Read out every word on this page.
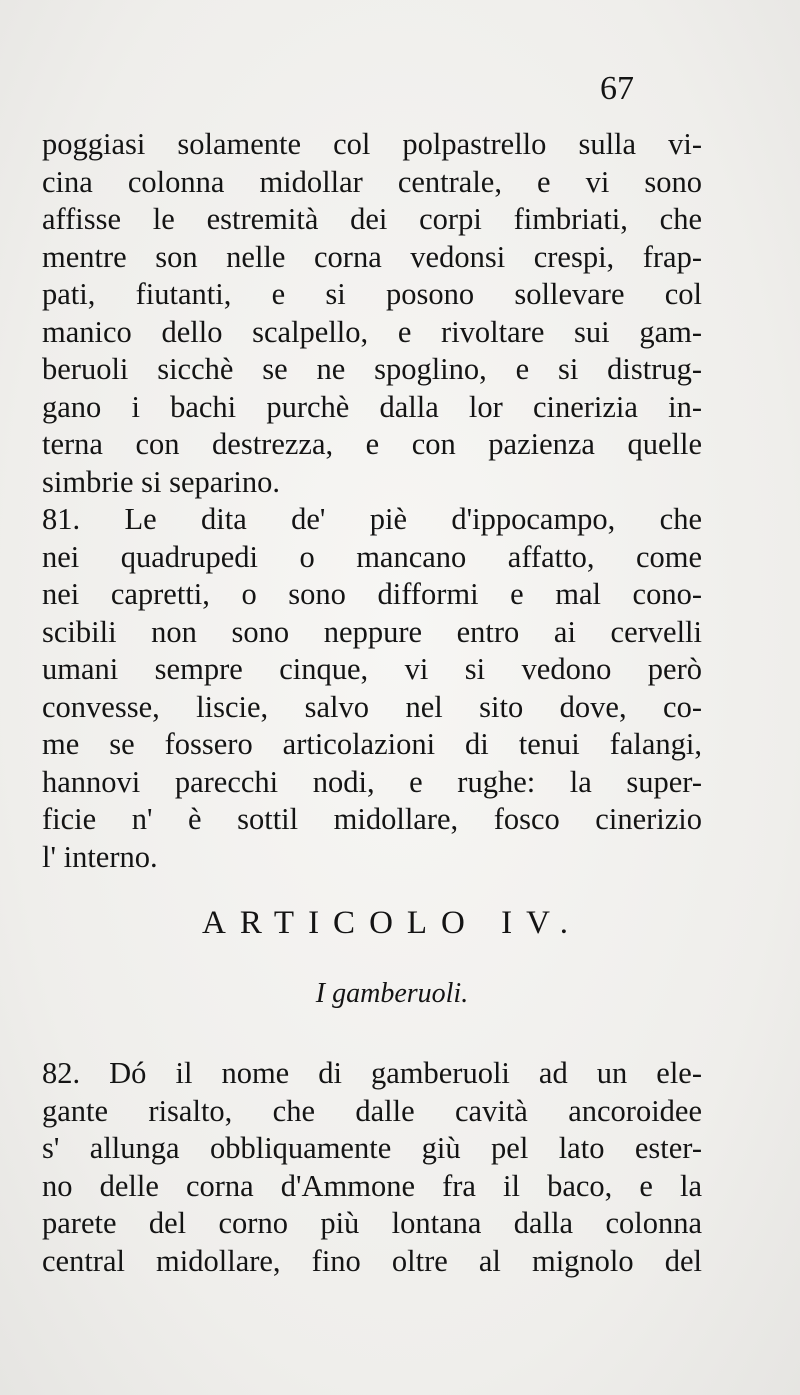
67
poggiasi solamente col polpastrello sulla vi-
cina colonna midollar centrale, e vi sono
affisse le estremità dei corpi fimbriati, che
mentre son nelle corna vedonsi crespi, frap-
pati, fiutanti, e si posono sollevare col
manico dello scalpello, e rivoltare sui gam-
beruoli sicchè se ne spoglino, e si distrug-
gano i bachi purchè dalla lor cinerizia in-
terna con destrezza, e con pazienza quelle
simbrie si separino.
81. Le dita de' piè d'ippocampo, che
nei quadrupedi o mancano affatto, come
nei capretti, o sono difformi e mal cono-
scibili non sono neppure entro ai cervelli
umani sempre cinque, vi si vedono però
convesse, liscie, salvo nel sito dove, co-
me se fossero articolazioni di tenui falangi,
hannovi parecchi nodi, e rughe: la super-
ficie n' è sottil midollare, fosco cinerizio
l' interno.
ARTICOLO IV.
I gamberuoli.
82. Dó il nome di gamberuoli ad un ele-
gante risalto, che dalle cavità ancoroidee
s' allunga obbliquamente giù pel lato ester-
no delle corna d'Ammone fra il baco, e la
parete del corno più lontana dalla colonna
central midollare, fino oltre al mignolo del
